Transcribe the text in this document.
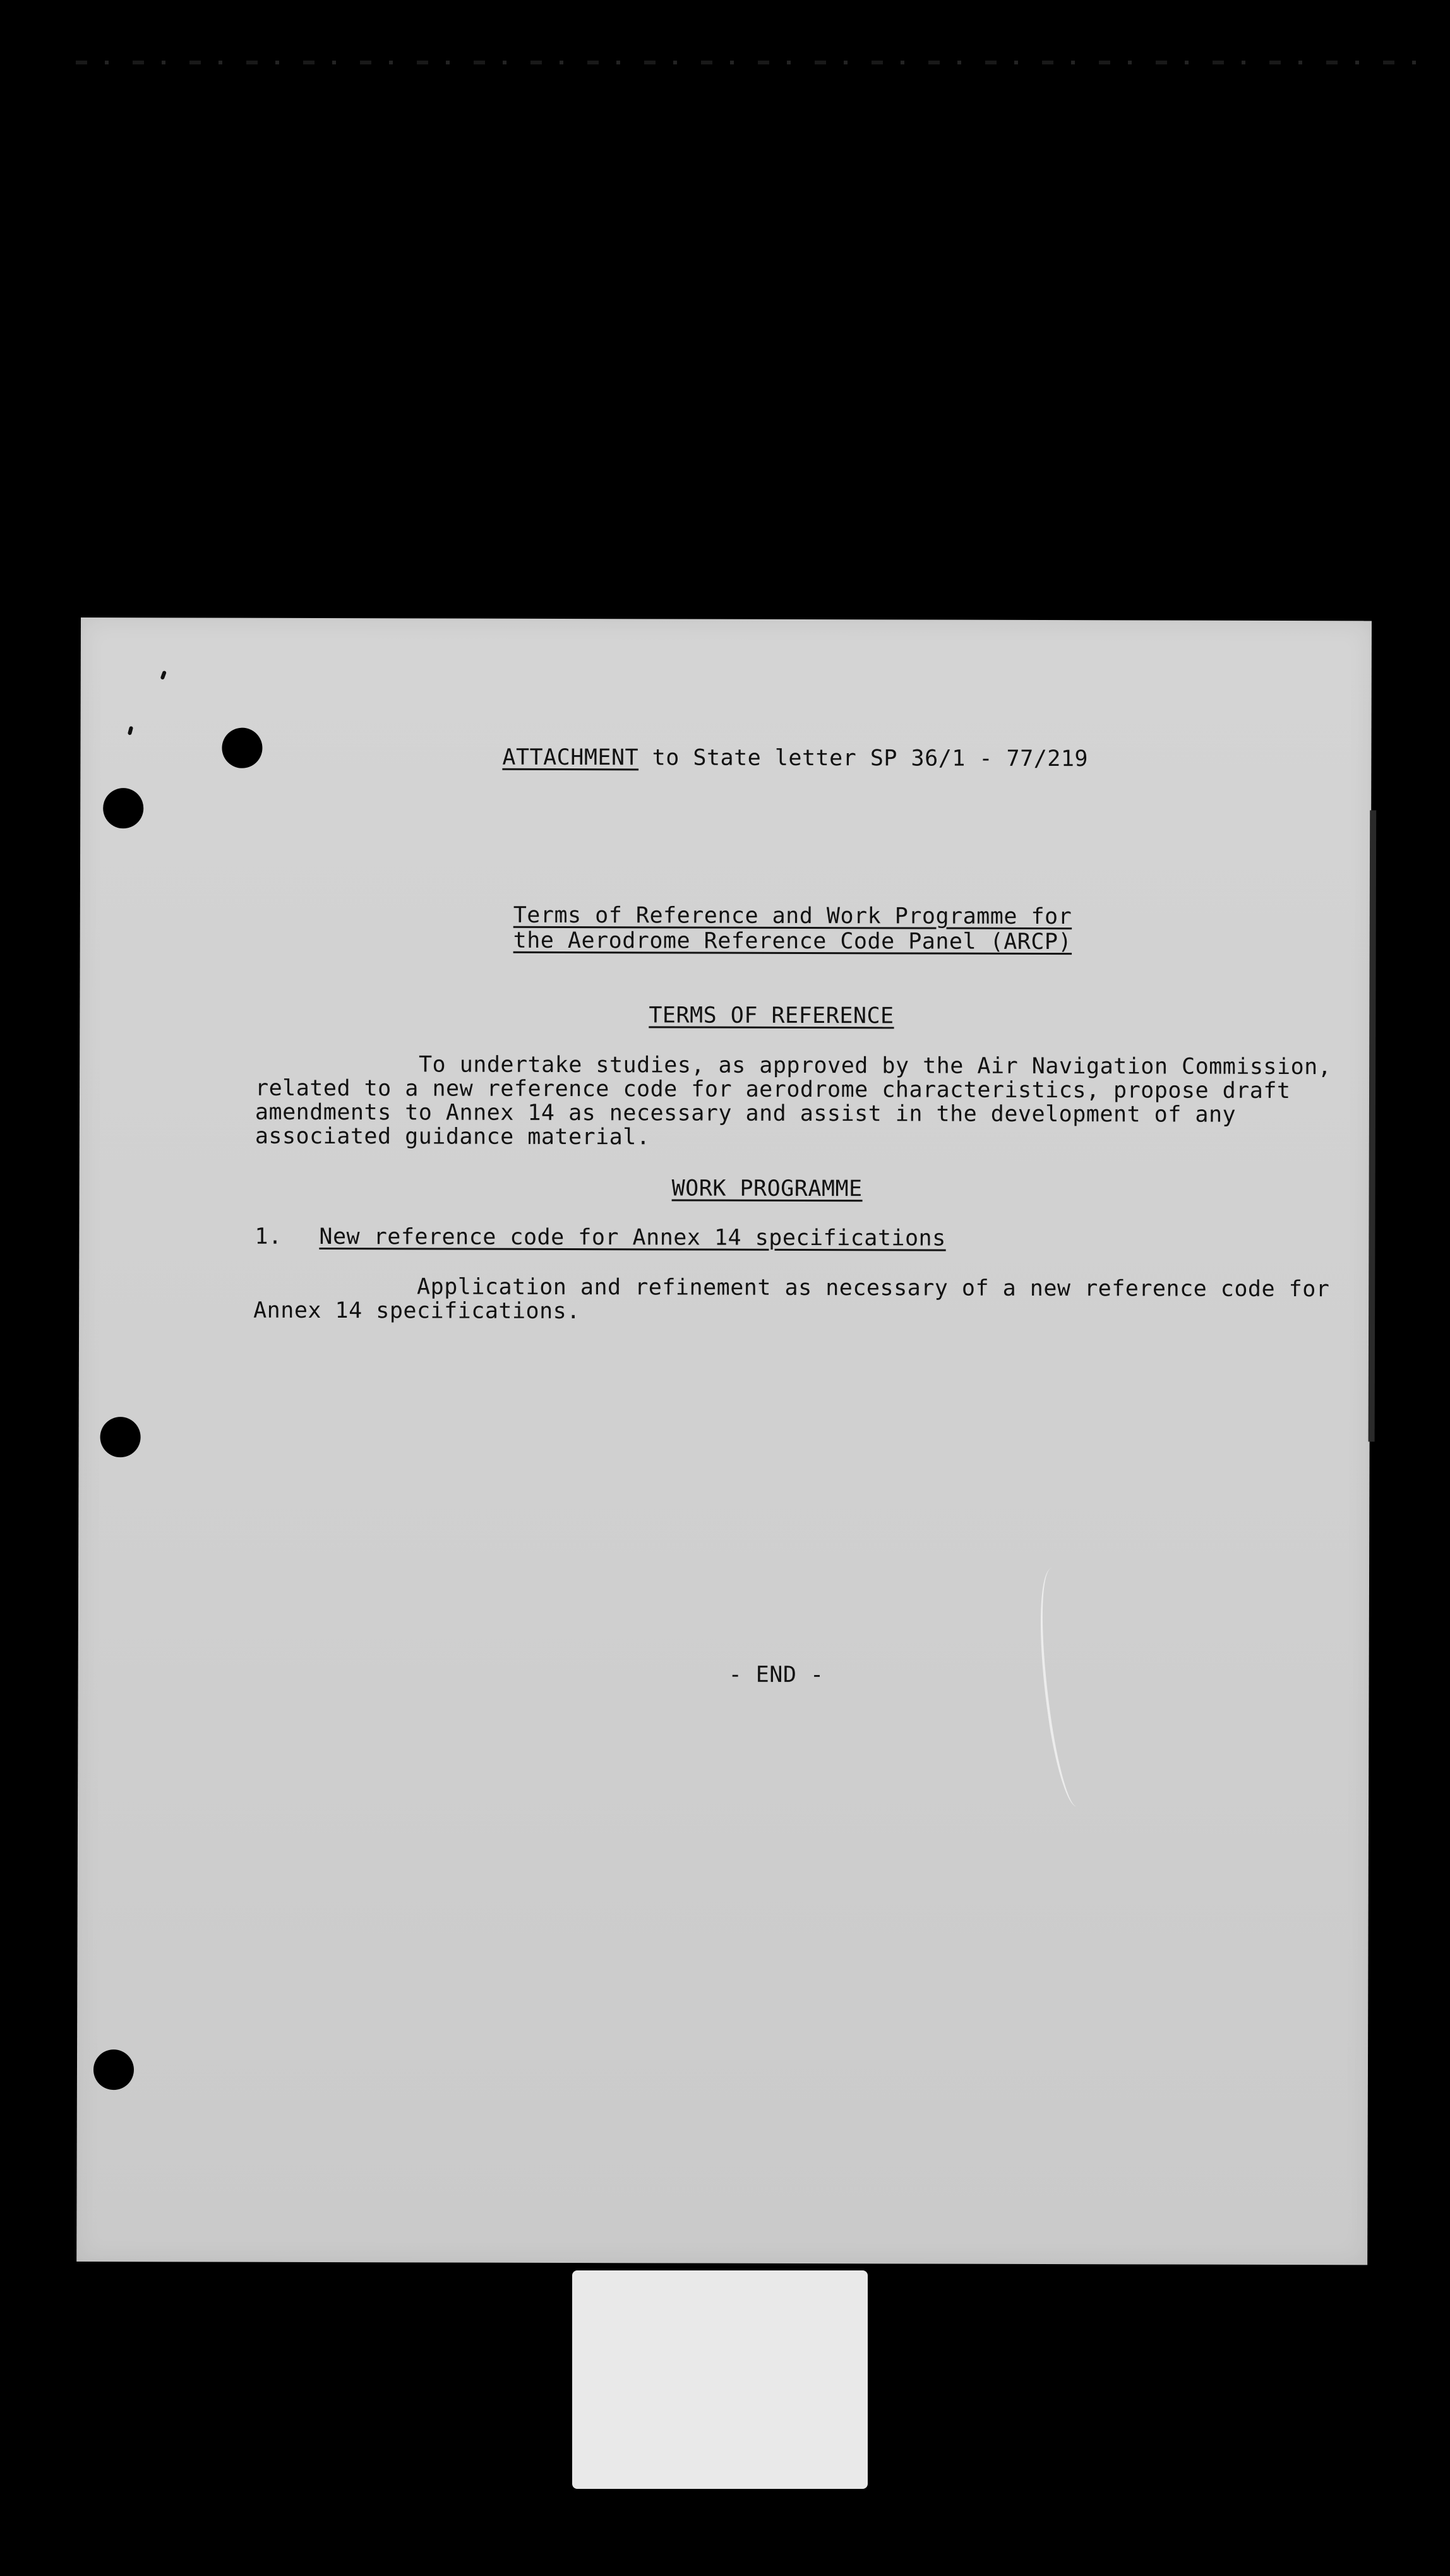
ATTACHMENT to State letter SP 36/1 - 77/219
Terms of Reference and Work Programme for
the Aerodrome Reference Code Panel (ARCP)
TERMS OF REFERENCE
To undertake studies, as approved by the Air Navigation Commission,
related to a new reference code for aerodrome characteristics, propose draft
amendments to Annex 14 as necessary and assist in the development of any
associated guidance material.
WORK PROGRAMME
1. New reference code for Annex 14 specifications
Application and refinement as necessary of a new reference code for
Annex 14 specifications.
- END -
